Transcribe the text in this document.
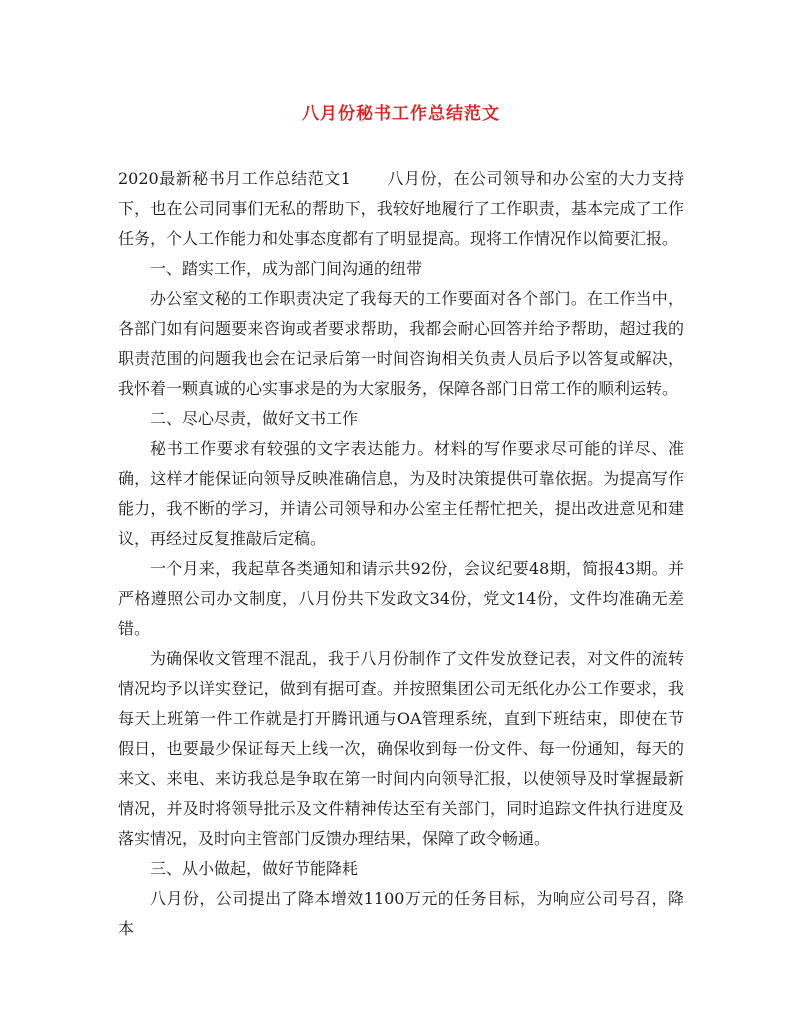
八月份秘书工作总结范文

2020最新秘书月工作总结范文1 八月份，在公司领导和办公室的大力支持下，也在公司同事们无私的帮助下，我较好地履行了工作职责，基本完成了工作任务，个人工作能力和处事态度都有了明显提高。现将工作情况作以简要汇报。

一、踏实工作，成为部门间沟通的纽带

办公室文秘的工作职责决定了我每天的工作要面对各个部门。在工作当中，各部门如有问题要来咨询或者要求帮助，我都会耐心回答并给予帮助，超过我的职责范围的问题我也会在记录后第一时间咨询相关负责人员后予以答复或解决，我怀着一颗真诚的心实事求是的为大家服务，保障各部门日常工作的顺利运转。

二、尽心尽责，做好文书工作

秘书工作要求有较强的文字表达能力。材料的写作要求尽可能的详尽、准确，这样才能保证向领导反映准确信息，为及时决策提供可靠依据。为提高写作能力，我不断的学习，并请公司领导和办公室主任帮忙把关，提出改进意见和建议，再经过反复推敲后定稿。

一个月来，我起草各类通知和请示共92份，会议纪要48期，简报43期。并严格遵照公司办文制度，八月份共下发政文34份，党文14份，文件均准确无差错。

为确保收文管理不混乱，我于八月份制作了文件发放登记表，对文件的流转情况均予以详实登记，做到有据可查。并按照集团公司无纸化办公工作要求，我每天上班第一件工作就是打开腾讯通与OA管理系统，直到下班结束，即使在节假日，也要最少保证每天上线一次，确保收到每一份文件、每一份通知，每天的来文、来电、来访我总是争取在第一时间内向领导汇报，以使领导及时掌握最新情况，并及时将领导批示及文件精神传达至有关部门，同时追踪文件执行进度及落实情况，及时向主管部门反馈办理结果，保障了政令畅通。

三、从小做起，做好节能降耗

八月份，公司提出了降本增效1100万元的任务目标，为响应公司号召，降本
